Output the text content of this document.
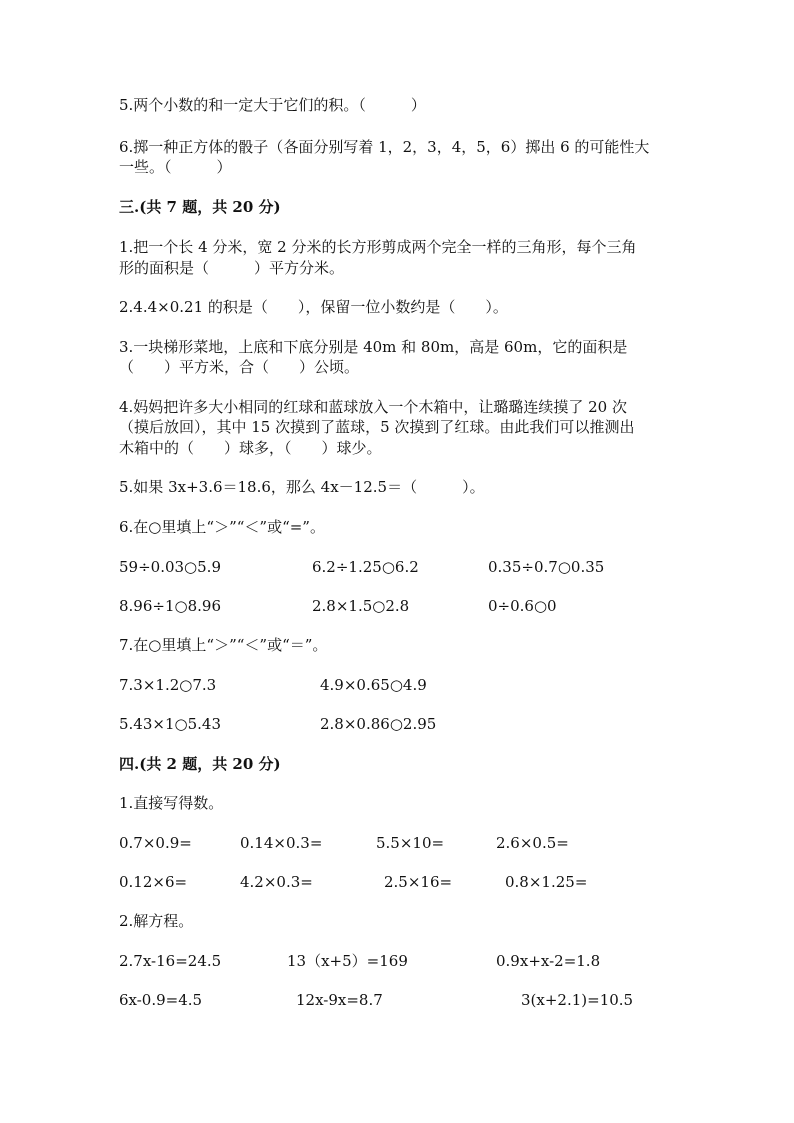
5.两个小数的和一定大于它们的积。（　　　）

6.掷一种正方体的骰子（各面分别写着 1，2，3，4，5，6）掷出 6 的可能性大

一些。（　　　）

三.(共 7 题，共 20 分)

1.把一个长 4 分米，宽 2 分米的长方形剪成两个完全一样的三角形，每个三角

形的面积是（　　　）平方分米。

2.4.4×0.21 的积是（　　），保留一位小数约是（　　）。

3.一块梯形菜地，上底和下底分别是 40m 和 80m，高是 60m，它的面积是

（　　）平方米，合（　　）公顷。

4.妈妈把许多大小相同的红球和蓝球放入一个木箱中，让璐璐连续摸了 20 次

（摸后放回），其中 15 次摸到了蓝球，5 次摸到了红球。由此我们可以推测出

木箱中的（　　）球多，（　　）球少。

5.如果 3x+3.6＝18.6，那么 4x－12.5＝（　　　）。

6.在○里填上“＞”“＜”或“=”。

59÷0.03○5.9	6.2÷1.25○6.2	0.35÷0.7○0.35
8.96÷1○8.96	2.8×1.5○2.8	0÷0.6○0

7.在○里填上“＞”“＜”或“＝”。

7.3×1.2○7.3	4.9×0.65○4.9
5.43×1○5.43	2.8×0.86○2.95

四.(共 2 题，共 20 分)

1.直接写得数。

0.7×0.9=	0.14×0.3=	5.5×10=	2.6×0.5=
0.12×6=	4.2×0.3=	2.5×16=	0.8×1.25=

2.解方程。

2.7x-16=24.5	13（x+5）=169	0.9x+x-2=1.8
6x-0.9=4.5	12x-9x=8.7	3(x+2.1)=10.5
